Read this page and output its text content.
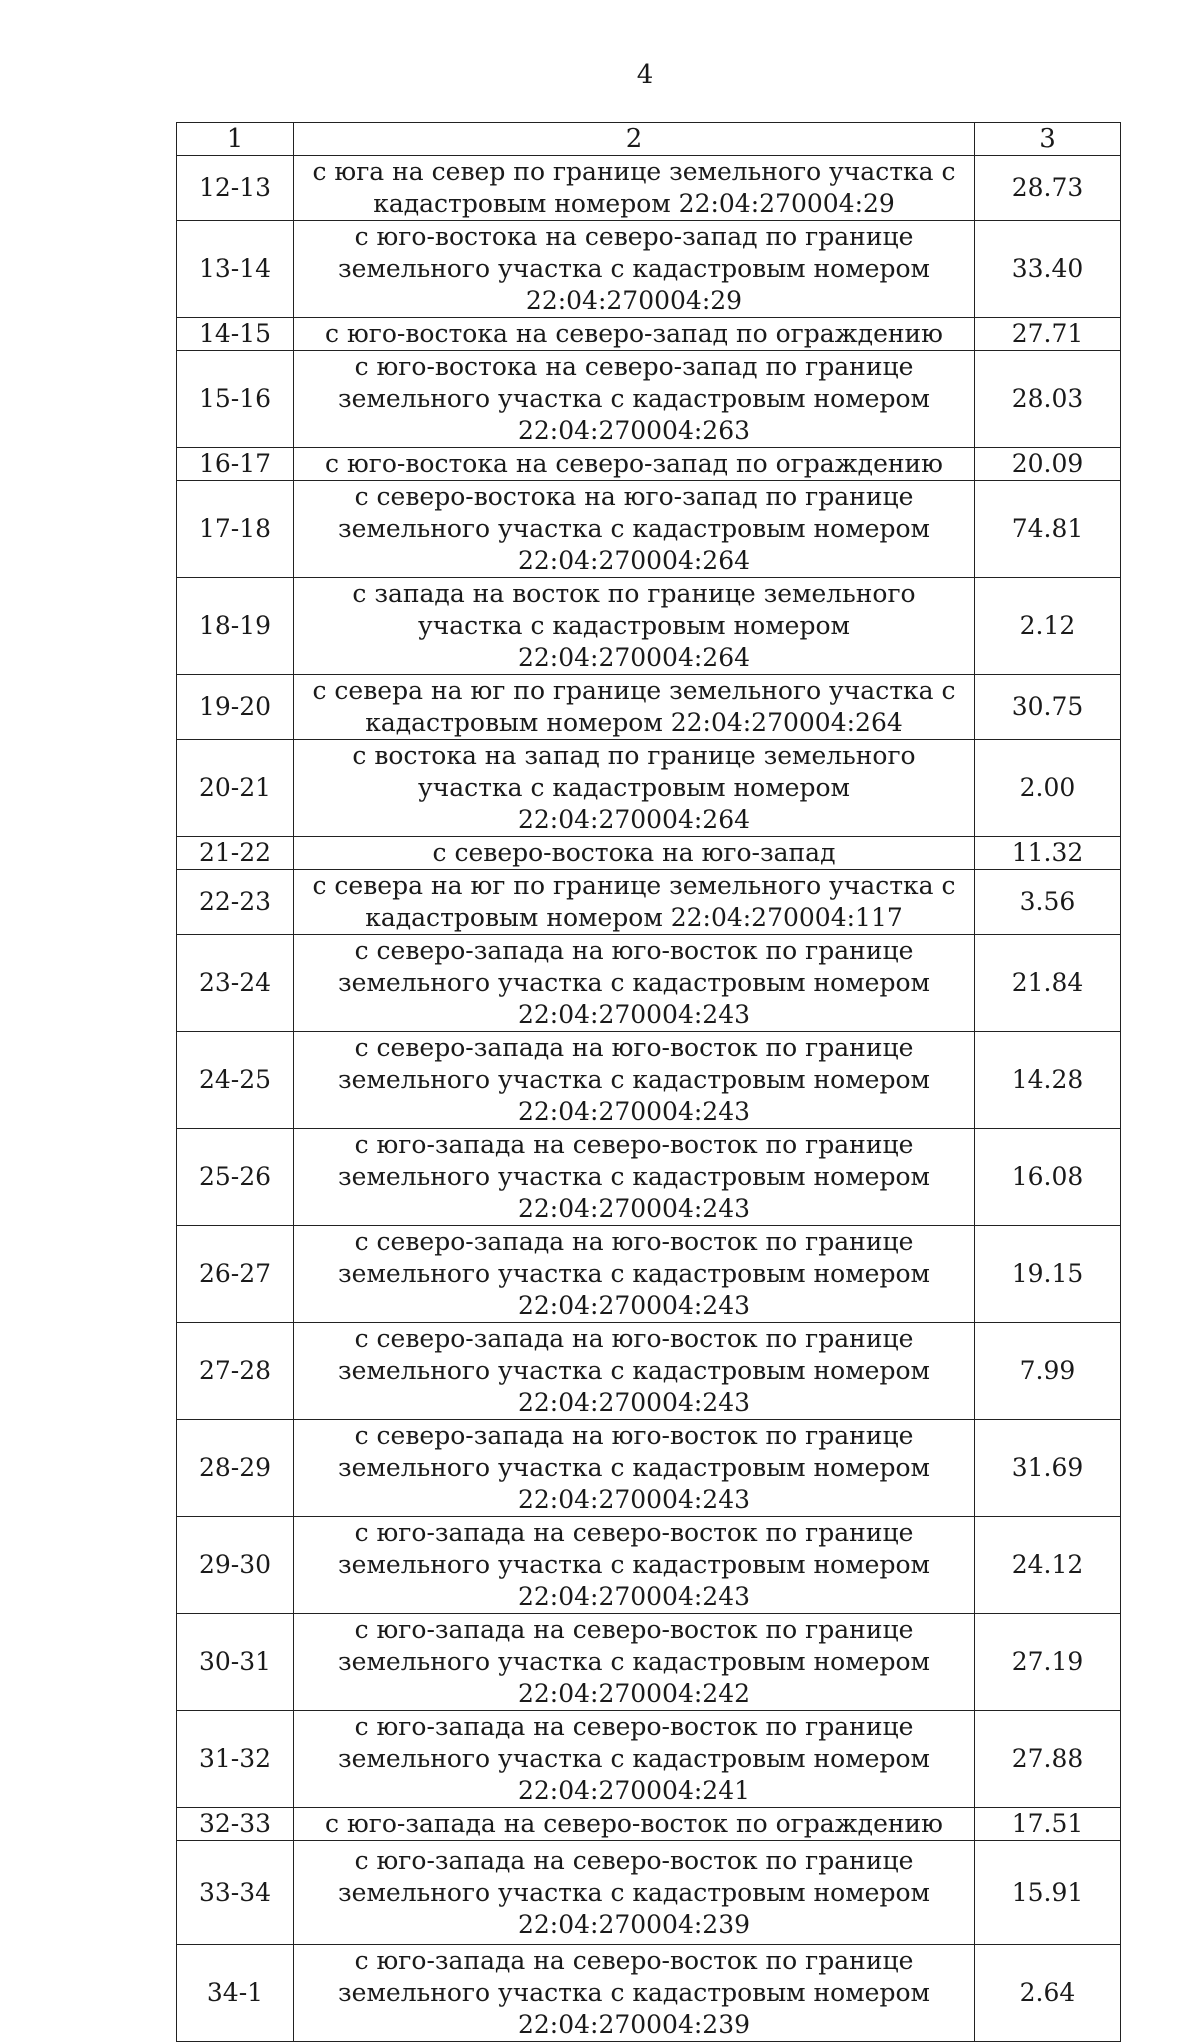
4
1	2	3
12-13	с юга на север по границе земельного участка с кадастровым номером 22:04:270004:29	28.73
13-14	с юго-востока на северо-запад по границе земельного участка с кадастровым номером 22:04:270004:29	33.40
14-15	с юго-востока на северо-запад по ограждению	27.71
15-16	с юго-востока на северо-запад по границе земельного участка с кадастровым номером 22:04:270004:263	28.03
16-17	с юго-востока на северо-запад по ограждению	20.09
17-18	с северо-востока на юго-запад по границе земельного участка с кадастровым номером 22:04:270004:264	74.81
18-19	с запада на восток по границе земельного участка с кадастровым номером 22:04:270004:264	2.12
19-20	с севера на юг по границе земельного участка с кадастровым номером 22:04:270004:264	30.75
20-21	с востока на запад по границе земельного участка с кадастровым номером 22:04:270004:264	2.00
21-22	с северо-востока на юго-запад	11.32
22-23	с севера на юг по границе земельного участка с кадастровым номером 22:04:270004:117	3.56
23-24	с северо-запада на юго-восток по границе земельного участка с кадастровым номером 22:04:270004:243	21.84
24-25	с северо-запада на юго-восток по границе земельного участка с кадастровым номером 22:04:270004:243	14.28
25-26	с юго-запада на северо-восток по границе земельного участка с кадастровым номером 22:04:270004:243	16.08
26-27	с северо-запада на юго-восток по границе земельного участка с кадастровым номером 22:04:270004:243	19.15
27-28	с северо-запада на юго-восток по границе земельного участка с кадастровым номером 22:04:270004:243	7.99
28-29	с северо-запада на юго-восток по границе земельного участка с кадастровым номером 22:04:270004:243	31.69
29-30	с юго-запада на северо-восток по границе земельного участка с кадастровым номером 22:04:270004:243	24.12
30-31	с юго-запада на северо-восток по границе земельного участка с кадастровым номером 22:04:270004:242	27.19
31-32	с юго-запада на северо-восток по границе земельного участка с кадастровым номером 22:04:270004:241	27.88
32-33	с юго-запада на северо-восток по ограждению	17.51
33-34	с юго-запада на северо-восток по границе земельного участка с кадастровым номером 22:04:270004:239	15.91
34-1	с юго-запада на северо-восток по границе земельного участка с кадастровым номером 22:04:270004:239	2.64
